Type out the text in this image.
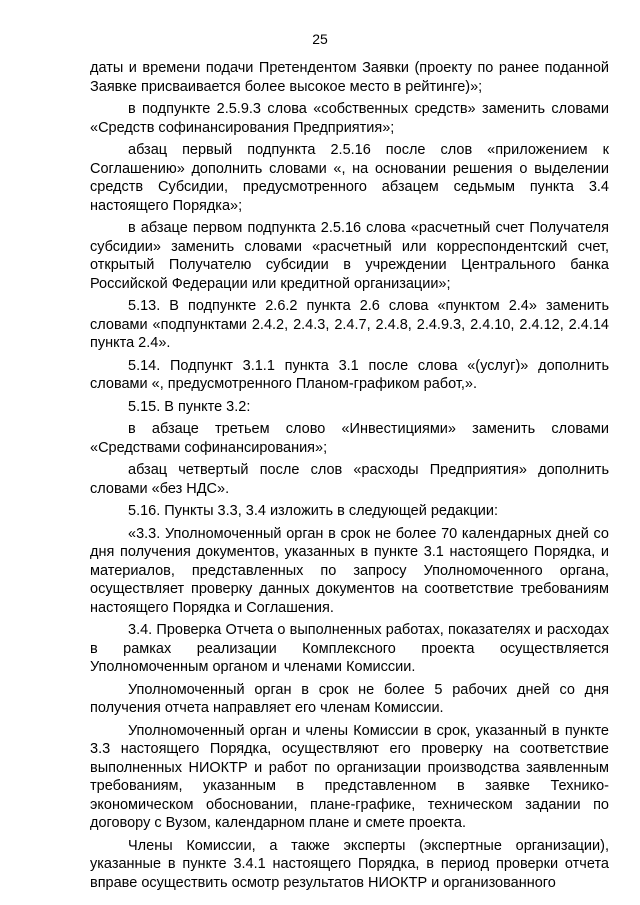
25

даты и времени подачи Претендентом Заявки (проекту по ранее поданной Заявке присваивается более высокое место в рейтинге)»;

в подпункте 2.5.9.3 слова «собственных средств» заменить словами «Средств софинансирования Предприятия»;

абзац первый подпункта 2.5.16 после слов «приложением к Соглашению» дополнить словами «, на основании решения о выделении средств Субсидии, предусмотренного абзацем седьмым пункта 3.4 настоящего Порядка»;

в абзаце первом подпункта 2.5.16 слова «расчетный счет Получателя субсидии» заменить словами «расчетный или корреспондентский счет, открытый Получателю субсидии в учреждении Центрального банка Российской Федерации или кредитной организации»;

5.13. В подпункте 2.6.2 пункта 2.6 слова «пунктом 2.4» заменить словами «подпунктами 2.4.2, 2.4.3, 2.4.7, 2.4.8, 2.4.9.3, 2.4.10, 2.4.12, 2.4.14 пункта 2.4».

5.14. Подпункт 3.1.1 пункта 3.1 после слова «(услуг)» дополнить словами «, предусмотренного Планом-графиком работ,».

5.15. В пункте 3.2:

в абзаце третьем слово «Инвестициями» заменить словами «Средствами софинансирования»;

абзац четвертый после слов «расходы Предприятия» дополнить словами «без НДС».

5.16. Пункты 3.3, 3.4 изложить в следующей редакции:

«3.3. Уполномоченный орган в срок не более 70 календарных дней со дня получения документов, указанных в пункте 3.1 настоящего Порядка, и материалов, представленных по запросу Уполномоченного органа, осуществляет проверку данных документов на соответствие требованиям настоящего Порядка и Соглашения.

3.4. Проверка Отчета о выполненных работах, показателях и расходах в рамках реализации Комплексного проекта осуществляется Уполномоченным органом и членами Комиссии.

Уполномоченный орган в срок не более 5 рабочих дней со дня получения отчета направляет его членам Комиссии.

Уполномоченный орган и члены Комиссии в срок, указанный в пункте 3.3 настоящего Порядка, осуществляют его проверку на соответствие выполненных НИОКТР и работ по организации производства заявленным требованиям, указанным в представленном в заявке Технико-экономическом обосновании, плане-графике, техническом задании по договору с Вузом, календарном плане и смете проекта.

Члены Комиссии, а также эксперты (экспертные организации), указанные в пункте 3.4.1 настоящего Порядка, в период проверки отчета вправе осуществить осмотр результатов НИОКТР и организованного
